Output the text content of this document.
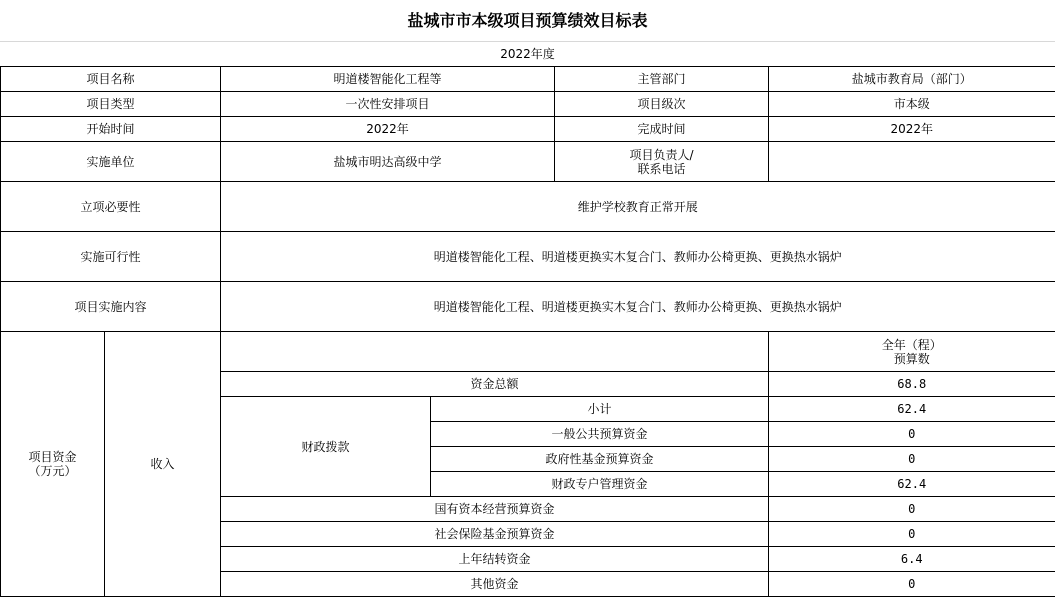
盐城市市本级项目预算绩效目标表
2022年度
项目名称		明道楼智能化工程等		主管部门	盐城市教育局（部门）
项目类型		一次性安排项目		项目级次	市本级
开始时间		2022年		完成时间	2022年
实施单位		盐城市明达高级中学		项目负责人/
联系电话	
立项必要性		维护学校教育正常开展			
实施可行性		明道楼智能化工程、明道楼更换实木复合门、教师办公椅更换、更换热水锅炉			
项目实施内容		明道楼智能化工程、明道楼更换实木复合门、教师办公椅更换、更换热水锅炉			
项目资金
（万元）	收入				全年（程）
预算数
		资金总额			68.8
		财政拨款	小计		62.4
			一般公共预算资金		0
			政府性基金预算资金		0
			财政专户管理资金		62.4
		国有资本经营预算资金			0
		社会保险基金预算资金			0
		上年结转资金			6.4
		其他资金			0
